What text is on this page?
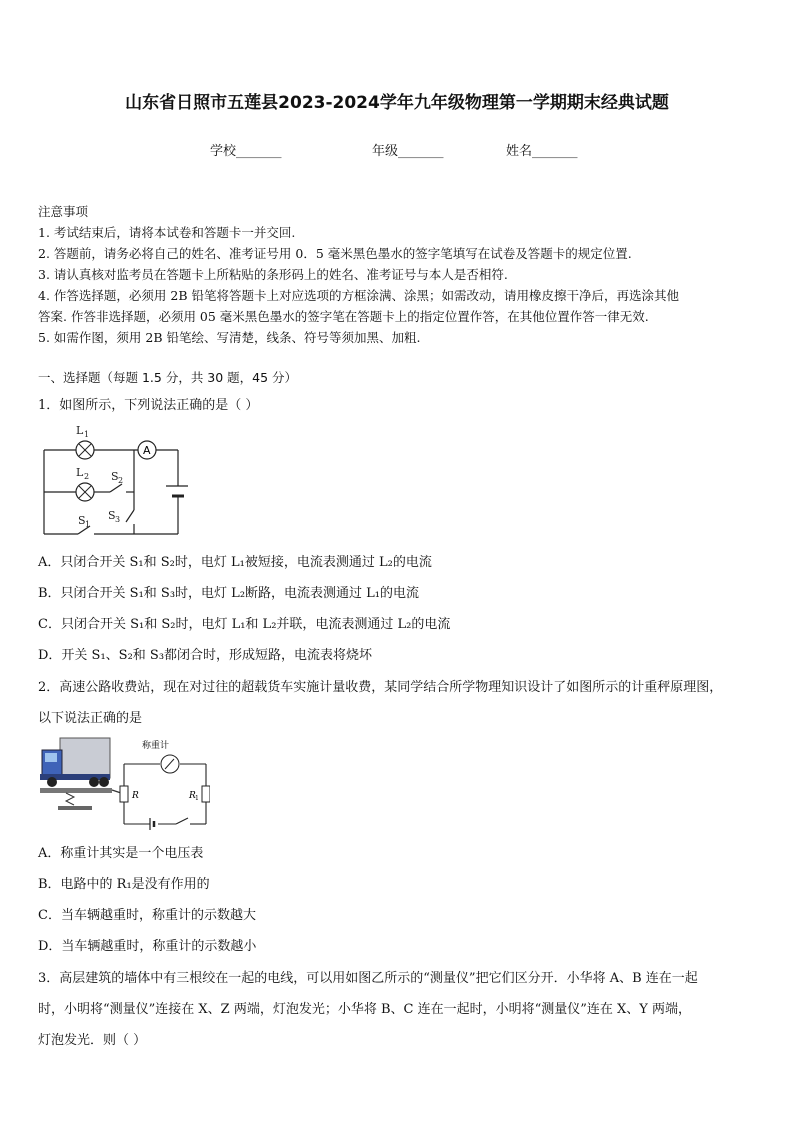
山东省日照市五莲县2023-2024学年九年级物理第一学期期末经典试题
学校_______	年级_______	姓名_______
注意事项
1. 考试结束后，请将本试卷和答题卡一并交回.
2. 答题前，请务必将自己的姓名、准考证号用 0．5 毫米黑色墨水的签字笔填写在试卷及答题卡的规定位置.
3. 请认真核对监考员在答题卡上所粘贴的条形码上的姓名、准考证号与本人是否相符.
4. 作答选择题，必须用 2B 铅笔将答题卡上对应选项的方框涂满、涂黑；如需改动，请用橡皮擦干净后，再选涂其他
答案. 作答非选择题，必须用 05 毫米黑色墨水的签字笔在答题卡上的指定位置作答，在其他位置作答一律无效.
5. 如需作图，须用 2B 铅笔绘、写清楚，线条、符号等须加黑、加粗.
一、选择题（每题 1.5 分，共 30 题，45 分）
1．如图所示，下列说法正确的是（ ）
A
L 1
L 2 S 2
S 3
S 1
A．只闭合开关 S₁和 S₂时，电灯 L₁被短接，电流表测通过 L₂的电流
B．只闭合开关 S₁和 S₃时，电灯 L₂断路，电流表测通过 L₁的电流
C．只闭合开关 S₁和 S₂时，电灯 L₁和 L₂并联，电流表测通过 L₂的电流
D．开关 S₁、S₂和 S₃都闭合时，形成短路，电流表将烧坏
2．高速公路收费站，现在对过往的超载货车实施计量收费，某同学结合所学物理知识设计了如图所示的计重秤原理图，
以下说法正确的是
称重计
R	R 1
A．称重计其实是一个电压表
B．电路中的 R₁是没有作用的
C．当车辆越重时，称重计的示数越大
D．当车辆越重时，称重计的示数越小
3．高层建筑的墙体中有三根绞在一起的电线，可以用如图乙所示的“测量仪”把它们区分开．小华将 A、B 连在一起
时，小明将“测量仪”连接在 X、Z 两端，灯泡发光；小华将 B、C 连在一起时，小明将“测量仪”连在 X、Y 两端，
灯泡发光．则（ ）
